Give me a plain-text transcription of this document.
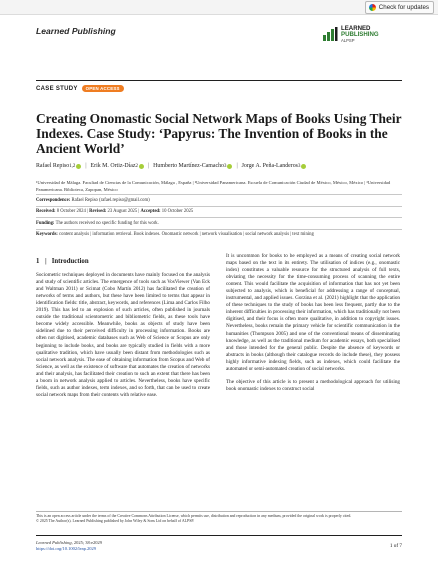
Check for updates
Learned Publishing	LEARNED
PUBLISHING
ALPSP
CASE STUDY	OPEN ACCESS
Creating Onomastic Social Network Maps of Books Using Their Indexes. Case Study: ‘Papyrus: The Invention of Books in the Ancient World’
Rafael Repiso 1,2 | Erik M. Ortiz-Díaz 2 | Humberto Martínez-Camacho 3 | Jorge A. Peña-Landeros 3
¹Universidad de Málaga. Facultad de Ciencias de la Comunicación, Málaga , España | ²Universidad Panamericana. Escuela de Comunicación Ciudad de México, México, México | ³Universidad Panamericana. Biblioteca, Zapopan, México
Correspondence: Rafael Repiso (rafael.repiso@gmail.com)
Received: 8 October 2024 | Revised: 23 August 2025 | Accepted: 10 October 2025
Funding: The authors received no specific funding for this work.
Keywords: content analysis | information retrieval. Book indexes. Onomastic network | network visualisation | social network analysis | text mining
1 |   Introduction

Sociometric techniques deployed in documents have mainly focused on the analysis and study of scientific articles. The emergence of tools such as VosViewer (Van Eck and Waltman 2011) or Scimat (Cobo Martín 2012) has facilitated the creation of networks of terms and authors, but these have been limited to terms that appear in identification fields: title, abstract, keywords, and references (Lima and Carlos Filho 2019). This has led to an explosion of such articles, often published in journals outside the traditional scientometric and bibliometric fields, as these tools have become widely accessible. Meanwhile, books as objects of study have been sidelined due to their perceived difficulty in processing information. Books are often not digitised, academic databases such as Web of Science or Scopus are only beginning to include books, and books are typically studied in fields with a more qualitative tradition, which have usually been distant from methodologies such as social network analysis. The ease of obtaining information from Scopus and Web of Science, as well as the existence of software that automates the creation of networks and their analysis, has facilitated their creation to such an extent that there has been a boom in network analysis applied to articles. Nevertheless, books have specific fields, such as author indexes, term indexes, and so forth, that can be used to create social network maps from their contents with relative ease.

It is uncommon for books to be employed as a means of creating social network maps based on the text in its entirety. The utilisation of indices (e.g., onomastic index) constitutes a valuable resource for the structured analysis of full texts, obviating the necessity for the time-consuming process of scanning the entire content. This would facilitate the acquisition of information that has not yet been subjected to analysis, which is beneficial for addressing a range of conceptual, instrumental, and applied issues. Gorzina et al. (2021) highlight that the application of these techniques to the study of books has been less frequent, partly due to the inherent difficulties in processing their information, which has traditionally not been digitised, and their focus is often more qualitative, in addition to copyright issues. Nevertheless, books remain the primary vehicle for scientific communication in the humanities (Thompson 2005) and one of the conventional means of disseminating knowledge, as well as the traditional medium for academic essays, both specialised and those intended for the general public. Despite the absence of keywords or abstracts in books (although their catalogue records do include these), they possess highly informative indexing fields, such as indexes, which could facilitate the automated or semi-automated creation of social networks.

The objective of this article is to present a methodological approach for utilising book onomastic indexes to construct social

This is an open access article under the terms of the Creative Commons Attribution License, which permits use, distribution and reproduction in any medium, provided the original work is properly cited.
© 2025 The Author(s). Learned Publishing published by John Wiley & Sons Ltd on behalf of ALPSP.
Learned Publishing, 2025; 38:e2029
https://doi.org/10.1002/leap.2029	1 of 7
